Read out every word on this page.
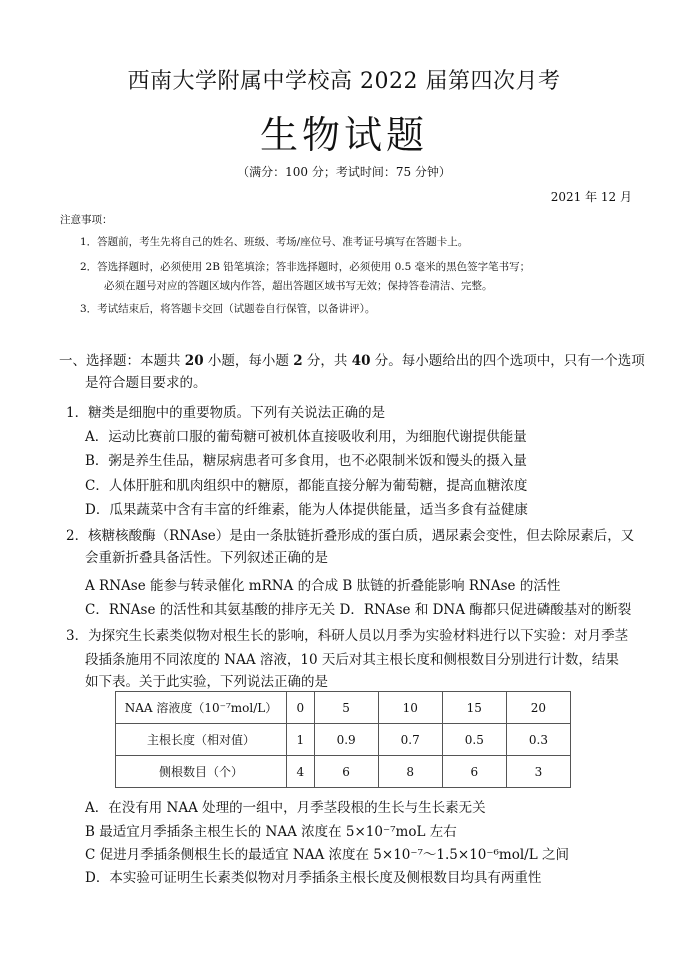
西南大学附属中学校高 2022 届第四次月考
生物试题
（满分：100 分；考试时间：75 分钟）
2021 年 12 月
注意事项：
1．答题前，考生先将自己的姓名、班级、考场/座位号、准考证号填写在答题卡上。
2．答选择题时，必须使用 2B 铅笔填涂；答非选择题时，必须使用 0.5 毫米的黑色签字笔书写；
必须在题号对应的答题区域内作答，超出答题区域书写无效；保持答卷清洁、完整。
3．考试结束后，将答题卡交回（试题卷自行保管，以备讲评）。
一、选择题：本题共 20 小题，每小题 2 分，共 40 分。每小题给出的四个选项中，只有一个选项
是符合题目要求的。
1．糖类是细胞中的重要物质。下列有关说法正确的是
A．运动比赛前口服的葡萄糖可被机体直接吸收利用，为细胞代谢提供能量
B．粥是养生佳品，糖尿病患者可多食用，也不必限制米饭和馒头的摄入量
C．人体肝脏和肌肉组织中的糖原，都能直接分解为葡萄糖，提高血糖浓度
D．瓜果蔬菜中含有丰富的纤维素，能为人体提供能量，适当多食有益健康
2．核糖核酸酶（RNAse）是由一条肽链折叠形成的蛋白质，遇尿素会变性，但去除尿素后，又
会重新折叠具备活性。下列叙述正确的是
A RNAse 能参与转录催化 mRNA 的合成 B 肽链的折叠能影响 RNAse 的活性
C．RNAse 的活性和其氨基酸的排序无关 D．RNAse 和 DNA 酶都只促进磷酸基对的断裂
3．为探究生长素类似物对根生长的影响，科研人员以月季为实验材料进行以下实验：对月季茎
段插条施用不同浓度的 NAA 溶液，10 天后对其主根长度和侧根数目分别进行计数，结果
如下表。关于此实验，下列说法正确的是
NAA 溶液度（10⁻⁷mol/L）	0	5	10	15	20
主根长度（相对值）	1	0.9	0.7	0.5	0.3
侧根数目（个）	4	6	8	6	3
A．在没有用 NAA 处理的一组中，月季茎段根的生长与生长素无关
B 最适宜月季插条主根生长的 NAA 浓度在 5×10⁻⁷moL 左右
C 促进月季插条侧根生长的最适宜 NAA 浓度在 5×10⁻⁷～1.5×10⁻⁶mol/L 之间
D．本实验可证明生长素类似物对月季插条主根长度及侧根数目均具有两重性
